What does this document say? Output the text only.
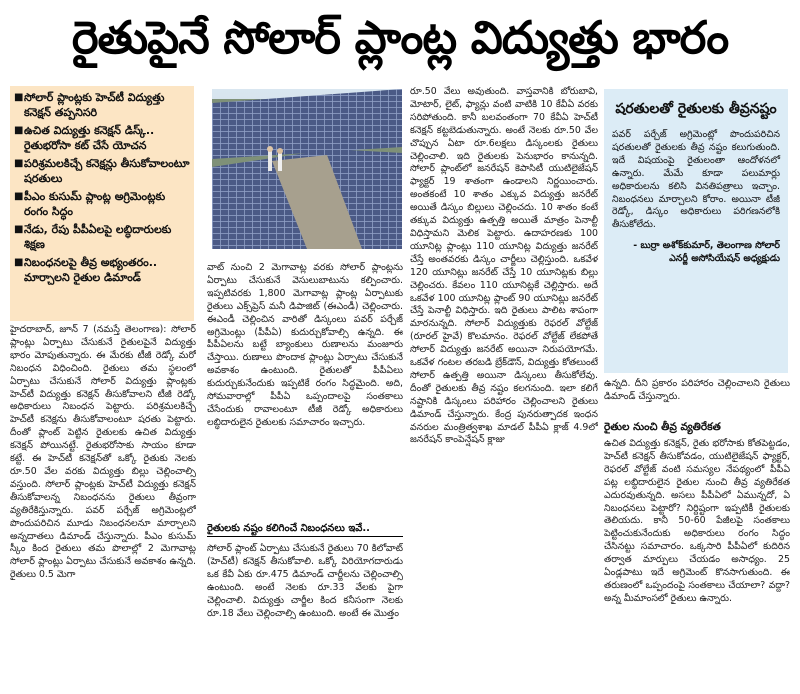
రైతుపైనే సోలార్ ప్లాంట్ల విద్యుత్తు భారం
■ సోలార్ ప్లాంట్లకు హెచ్‌టీ విద్యుత్తు కనెక్షన్ తప్పనిసరి
■ ఉచిత విద్యుత్తు కనెక్షన్ డిస్క్.. రైతుభరోసా కట్ చేసే యోచన
■ పరిశ్రమలకిచ్చే కనెక్షన్లు తీసుకోవాలంటూ షరతులు
■ పీఎం కుసుమ్ ప్లాంట్ల అగ్రిమెంట్లకు రంగం సిద్ధం
■ నేడు, రేపు పీపీఏలపై లబ్ధిదారులకు శిక్షణ
■ నిబంధనలపై తీవ్ర అభ్యంతరం.. మార్చాలని రైతుల డిమాండ్

హైదరాబాద్, జూన్ 7 (నమస్తే తెలంగాణ): సోలార్ ప్లాంట్లు ఏర్పాటు చేసుకునే రైతులపైనే విద్యుత్తు భారం మోపుతున్నారు. ఈ మేరకు టీజీ రెడ్కో మరో నిబంధన విధించింది. రైతులు తమ స్థలంలో ఏర్పాటు చేసుకునే సోలార్ విద్యుత్తు ప్లాంట్లకు హెచ్‌టీ విద్యుత్తు కనెక్షన్ తీసుకోవాలని టీజీ రెడ్కో అధికారులు నిబంధన పెట్టారు. పరిశ్రమలకిచ్చే హెచ్‌టీ కనెక్షను తీసుకోవాలంటూ షరతు పెట్టారు. దీంతో ప్లాంట్ పెట్టిన రైతులకు ఉచిత విద్యుత్తు కనెక్షన్ పోయినట్టే. రైతుభరోసాకు సాయం కూడా కట్టే. ఈ హెచ్‌టీ కనెక్షన్‌తో ఒక్కో రైతుకు నెలకు రూ.50 వేల వరకు విద్యుత్తు బిల్లు చెల్లించాల్సి వస్తుంది. సోలార్ ప్లాంట్లకు హెచ్‌టీ విద్యుత్తు కనెక్షన్ తీసుకోవాలన్న నిబంధనను రైతులు తీవ్రంగా వ్యతిరేకిస్తున్నారు. పవర్ పర్చేజ్ అగ్రిమెంట్లలో పొందుపరిచిన మూడు నిబంధనలనూ మార్చాలని అన్నదాతలు డిమాండ్ చేస్తున్నారు. పీఎం కుసుమ్ స్కీం కింద రైతులు తమ పొలాల్లో 2 మెగావాట్ల సోలార్ ప్లాంట్లు ఏర్పాటు చేసుకునే అవకాశం ఉన్నది. రైతులు 0.5 మెగా

వాట్ నుంచి 2 మెగావాట్ల వరకు సోలార్ ప్లాంట్లను ఏర్పాటు చేసుకునే వెసులుబాటును కల్పించారు. ఇప్పటివరకు 1,800 మెగావాట్ల ప్లాంట్ల ఏర్పాటుకు రైతులు ఎక్స్‌ప్రెస్ మనీ డిపాజిట్ (ఈఎండీ) చెల్లించారు. ఈఎండీ చెల్లించిన వారితో డిస్కంలు పవర్ పర్చేజ్ అగ్రిమెంట్లు (పీపీఏ) కుదుర్చుకోవాల్సి ఉన్నది. ఈ పీపీఏలను బట్టే బ్యాంకులు రుణాలను మంజూరు చేస్తాయి. రుణాలు పొందాక ప్లాంట్లు ఏర్పాటు చేసుకునే అవకాశం ఉంటుంది. రైతులతో పీపీఏలు కుదుర్చుకునేందుకు ఇప్పటికే రంగం సిద్ధమైంది. అది, సోమవారాల్లో పీపీఏ ఒప్పందాలపై సంతకాలు చేసేందుకు రావాలంటూ టీజీ రెడ్కో అధికారులు లబ్ధిదారులైన రైతులకు సమాచారం ఇచ్చారు.

రైతులకు నష్టం కలిగించే నిబంధనలు ఇవే..

సోలార్ ప్లాంట్ ఏర్పాటు చేసుకునే రైతులు 70 కిలోవాట్ (హెచ్‌టీ) కనెక్షన్ తీసుకోవాలి. ఒక్కో విరియోగదారుడు ఒక కేవీ ఏకు రూ.475 డిమాండ్ చార్జీలను చెల్లించాల్సి ఉంటుంది. అంటే నెలకు రూ.33 వేలకు పైగా చెల్లించాలి. విద్యుత్తు చార్జీల కింద కనీసంగా నెలకు రూ.18 వేలు చెల్లించాల్సి ఉంటుంది. అంటే ఈ మొత్తం

రూ.50 వేలు అవుతుంది. వాస్తవానికి బోరుబావి, మోటార్, లైట్, ఫ్యాన్లు వంటి వాటికి 10 కేవీఏ వరకు సరిపోతుంది. కానీ బలవంతంగా 70 కేవీఏ హెచ్‌టీ కనెక్షన్ కట్టబెడుతున్నారు. అంటే నెలకు రూ.50 వేల చొప్పున ఏటా రూ.6లక్షలు డిస్కంలకు రైతులు చెల్లించాలి. ఇది రైతులకు పెనుభారం కానున్నది. సోలార్ ప్లాంట్‌లో జనరేషన్ కెపాసిటీ యుటిలైజేషన్ ఫ్యాక్టర్ 19 శాతంగా ఉండాలని నిర్ణయించారు. అంతకంటే 10 శాతం ఎక్కువ విద్యుత్తు జనరేట్ అయితే డిస్కం బిల్లులు చెల్లించదు. 10 శాతం కంటే తక్కువ విద్యుత్తు ఉత్పత్తి అయితే మాత్రం పెనాల్టీ విధిస్తామని మెలిక పెట్టారు. ఉదాహరణకు 100 యూనిట్ల ప్లాంట్లు 110 యూనిట్ల విద్యుత్తు జనరేట్ చేస్తే అంతవరకు డిస్కం చార్జీలు చెల్లిస్తుంది. ఒకవేళ 120 యూనిట్లు జనరేట్ చేస్తే 10 యూనిట్లకు బిల్లు చెల్లించరు. కేవలం 110 యూనిట్లకే చెల్లిస్తారు. అదే ఒకవేళ 100 యూనిట్ల ప్లాంట్ 90 యూనిట్లు జనరేట్ చేస్తే పెనాల్టీ విధిస్తారు. ఇది రైతులు పాలిట శాపంగా మారనున్నది. సోలార్ విద్యుత్తుకు రెఫరల్ వోల్టేజ్ (రూరల్ హైవే) కొలమానం. రెఫరల్ వోల్టేజ్ లేకపోతే సోలార్ విద్యుత్తు జనరేట్ అయినా నిరుపయోగమే. ఒకవేళ గంటల తరబడి బ్రేక్‌డౌన్, విద్యుత్తు కోతలుంటే సోలార్ ఉత్పత్తి అయినా డిస్కంలు తీసుకోలేవు. దీంతో రైతులకు తీవ్ర నష్టం కలగనుంది. ఇలా కలిగే నష్టానికి డిస్కంలు పరిహారం చెల్లించాలని రైతులు డిమాండ్ చేస్తున్నారు. కేంద్ర పునరుత్పాదక ఇంధన వనరుల మంత్రిత్వశాఖ మాడల్ పీపీఏ క్లాజ్ 4.9లో జనరేషన్ కాంపెన్షేషన్ క్లాజు

షరతులతో రైతులకు తీవ్రనష్టం
పవర్ పర్చేజ్ అగ్రిమెంట్లో పొందుపరిచిన షరతులతో రైతులకు తీవ్ర నష్టం కలుగుతుంది. ఇదే విషయంపై రైతులంతా ఆందోళనలో ఉన్నారు. మేమే కూడా పలుమార్లు అధికారులను కలిసి వినతిపత్రాలు ఇచ్చాం. నిబంధనలు మార్చాలని కోరాం. అయినా టీజీ రెడ్కో, డిస్కం అధికారులు పరిగణనలోకి తీసుకోలేదు.
- బుర్రా అశోక్‌కుమార్, తెలంగాణ సోలార్ ఎనర్జీ అసోసియేషన్ అధ్యక్షుడు

ఉన్నది. దీని ప్రకారం పరిహారం చెల్లించాలని రైతులు డిమాండ్ చేస్తున్నారు.

రైతుల నుంచి తీవ్ర వ్యతిరేకత

ఉచిత విద్యుత్తు కనెక్షన్, రైతు భరోసాకు కోతపెట్టడం, హెచ్‌టీ కనెక్షన్ తీసుకోవడం, యుటిలైజేషన్ ఫ్యాక్టర్, రెఫరల్ వోల్టేజ్ వంటి సమస్యల నేపథ్యంలో పీపీఏ పట్ల లబ్ధిదారులైన రైతుల నుంచి తీవ్ర వ్యతిరేకత ఎదురవుతున్నది. అసలు పీపీఏలో ఏమున్నదో, ఏ నిబంధనలు పెట్టారో? నిర్దిష్టంగా ఇప్పటికీ రైతులకు తెలియదు. కానీ 50-60 పేజీలపై సంతకాలు పెట్టించుకునేందుకు అధికారులు రంగం సిద్ధం చేసినట్టు సమాచారం. ఒక్కసారి పీపీఏలో కుదిరిన తర్వాత మార్పులు చేయడం అసాధ్యం. 25 ఏండ్లపాటు ఇదే అగ్రిమెంట్ కొనసాగుతుంది. ఈ తరుణంలో ఒప్పందంపై సంతకాలు చేయాలా? వద్దా? అన్న మీమాంసలో రైతులు ఉన్నారు.
